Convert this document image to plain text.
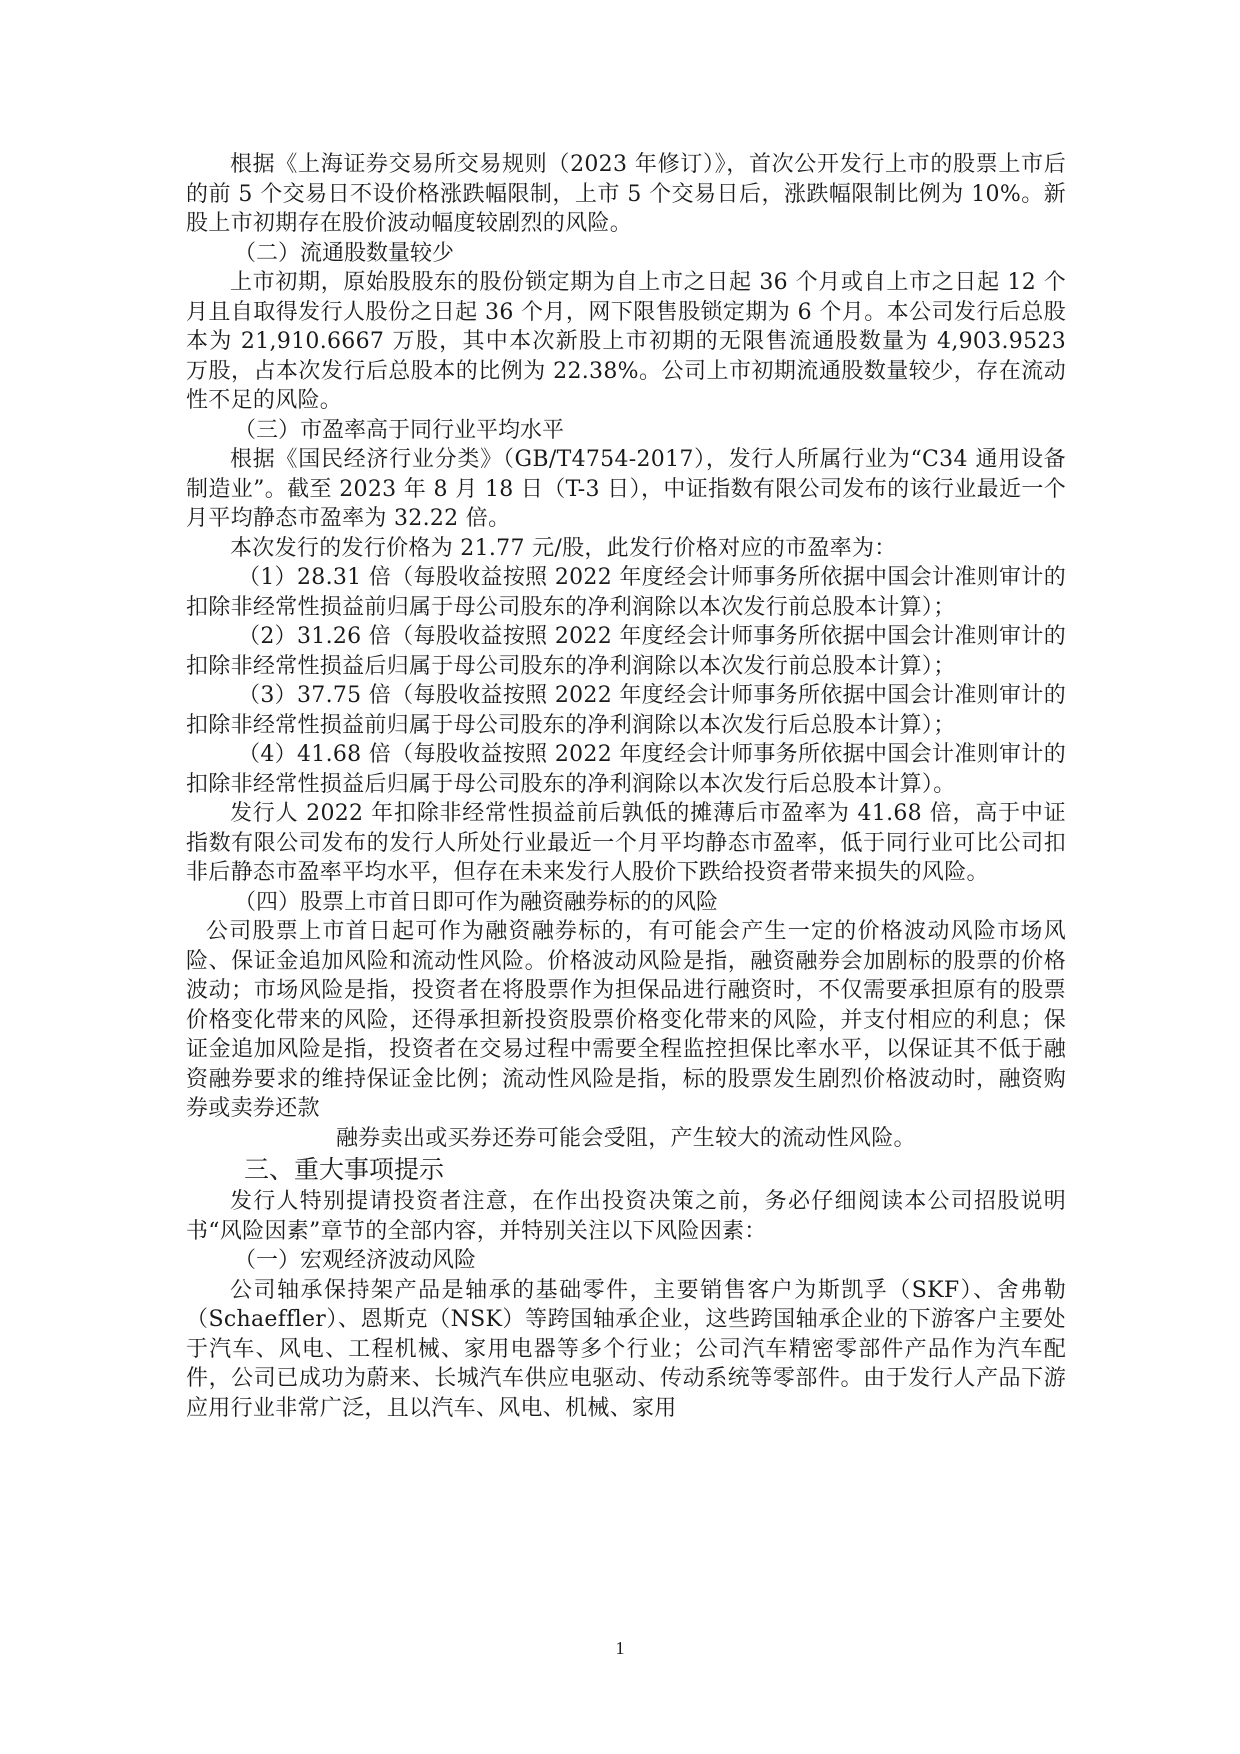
根据《上海证券交易所交易规则（2023 年修订）》，首次公开发行上市的股票上市后的前 5 个交易日不设价格涨跌幅限制，上市 5 个交易日后，涨跌幅限制比例为 10%。新股上市初期存在股价波动幅度较剧烈的风险。

（二）流通股数量较少

上市初期，原始股股东的股份锁定期为自上市之日起 36 个月或自上市之日起 12 个月且自取得发行人股份之日起 36 个月，网下限售股锁定期为 6 个月。本公司发行后总股本为 21,910.6667 万股，其中本次新股上市初期的无限售流通股数量为 4,903.9523 万股，占本次发行后总股本的比例为 22.38%。公司上市初期流通股数量较少，存在流动性不足的风险。

（三）市盈率高于同行业平均水平

根据《国民经济行业分类》（GB/T4754-2017），发行人所属行业为“C34 通用设备制造业”。截至 2023 年 8 月 18 日（T-3 日），中证指数有限公司发布的该行业最近一个月平均静态市盈率为 32.22 倍。

本次发行的发行价格为 21.77 元/股，此发行价格对应的市盈率为：

（1）28.31 倍（每股收益按照 2022 年度经会计师事务所依据中国会计准则审计的扣除非经常性损益前归属于母公司股东的净利润除以本次发行前总股本计算）；

（2）31.26 倍（每股收益按照 2022 年度经会计师事务所依据中国会计准则审计的扣除非经常性损益后归属于母公司股东的净利润除以本次发行前总股本计算）；

（3）37.75 倍（每股收益按照 2022 年度经会计师事务所依据中国会计准则审计的扣除非经常性损益前归属于母公司股东的净利润除以本次发行后总股本计算）；

（4）41.68 倍（每股收益按照 2022 年度经会计师事务所依据中国会计准则审计的扣除非经常性损益后归属于母公司股东的净利润除以本次发行后总股本计算）。

发行人 2022 年扣除非经常性损益前后孰低的摊薄后市盈率为 41.68 倍，高于中证指数有限公司发布的发行人所处行业最近一个月平均静态市盈率，低于同行业可比公司扣非后静态市盈率平均水平，但存在未来发行人股价下跌给投资者带来损失的风险。

（四）股票上市首日即可作为融资融券标的的风险

公司股票上市首日起可作为融资融券标的，有可能会产生一定的价格波动风险市场风险、保证金追加风险和流动性风险。价格波动风险是指，融资融券会加剧标的股票的价格波动；市场风险是指，投资者在将股票作为担保品进行融资时，不仅需要承担原有的股票价格变化带来的风险，还得承担新投资股票价格变化带来的风险，并支付相应的利息；保证金追加风险是指，投资者在交易过程中需要全程监控担保比率水平，以保证其不低于融资融券要求的维持保证金比例；流动性风险是指，标的股票发生剧烈价格波动时，融资购券或卖券还款

融券卖出或买券还券可能会受阻，产生较大的流动性风险。

三、重大事项提示

发行人特别提请投资者注意，在作出投资决策之前，务必仔细阅读本公司招股说明书“风险因素”章节的全部内容，并特别关注以下风险因素：

（一）宏观经济波动风险

公司轴承保持架产品是轴承的基础零件，主要销售客户为斯凯孚（SKF）、舍弗勒（Schaeffler）、恩斯克（NSK）等跨国轴承企业，这些跨国轴承企业的下游客户主要处于汽车、风电、工程机械、家用电器等多个行业；公司汽车精密零部件产品作为汽车配件，公司已成功为蔚来、长城汽车供应电驱动、传动系统等零部件。由于发行人产品下游应用行业非常广泛，且以汽车、风电、机械、家用

1
